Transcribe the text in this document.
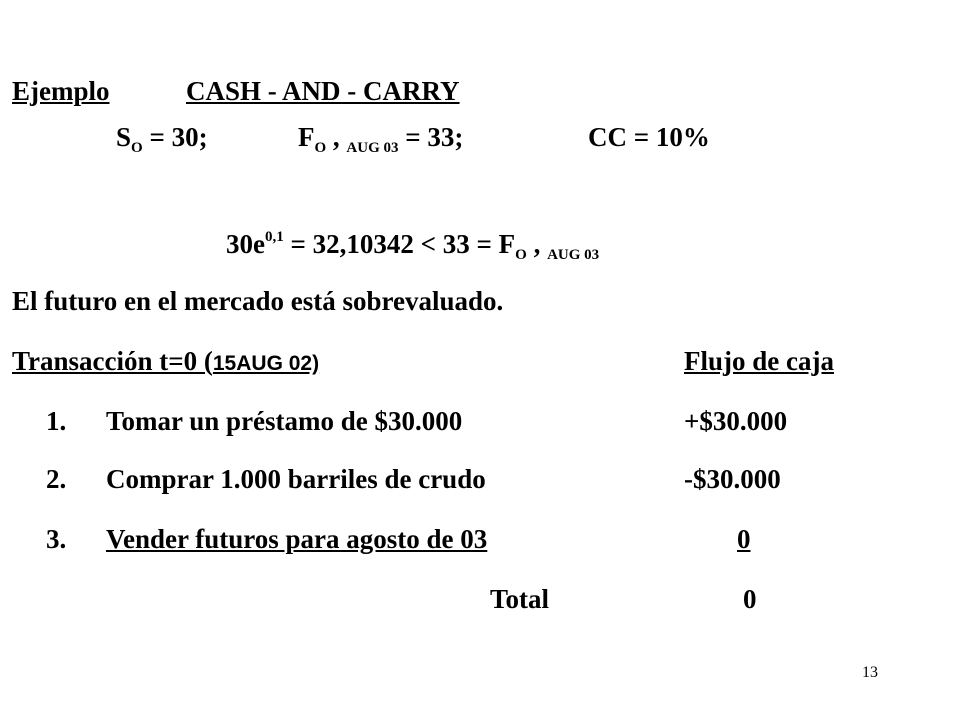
Ejemplo	CASH - AND - CARRY
$S_O = 30$;	$F_O$ , $_{AUG 03}$ = 33;	CC = 10%
$30e^{0,1} = 32,10342 < 33 = F_O$ , $_{AUG 03}$
El futuro en el mercado está sobrevaluado.
Transacción t=0 (15AUG 02)	Flujo de caja
1. Tomar un préstamo de $30.000	+$30.000
2. Comprar 1.000 barriles de crudo	-$30.000
3. Vender futuros para agosto de 03	0
Total	0
13
